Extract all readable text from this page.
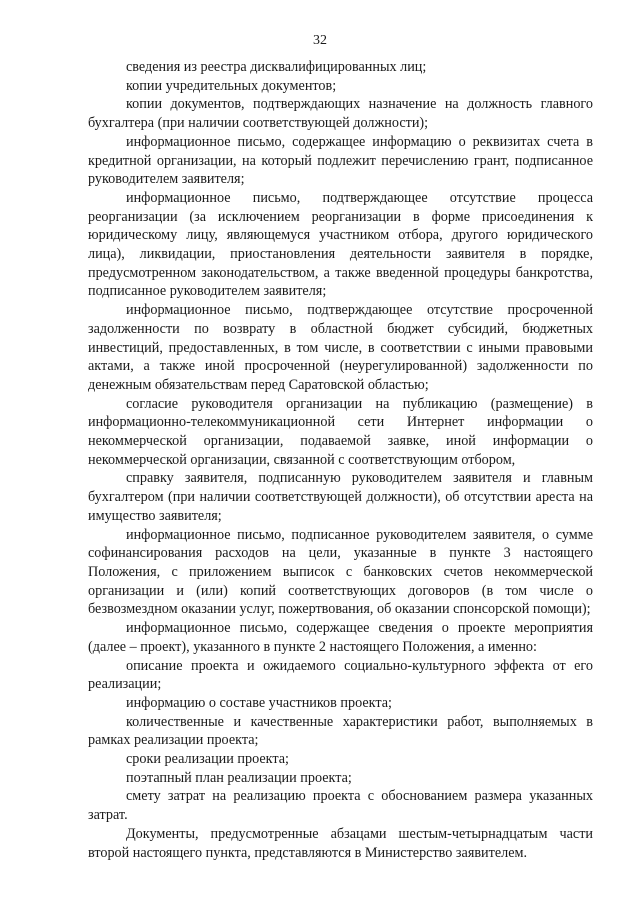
32

сведения из реестра дисквалифицированных лиц;

копии учредительных документов;

копии документов, подтверждающих назначение на должность главного бухгалтера (при наличии соответствующей должности);

информационное письмо, содержащее информацию о реквизитах счета в кредитной организации, на который подлежит перечислению грант, подписанное руководителем заявителя;

информационное письмо, подтверждающее отсутствие процесса реорганизации (за исключением реорганизации в форме присоединения к юридическому лицу, являющемуся участником отбора, другого юридического лица), ликвидации, приостановления деятельности заявителя в порядке, предусмотренном законодательством, а также введенной процедуры банкротства, подписанное руководителем заявителя;

информационное письмо, подтверждающее отсутствие просроченной задолженности по возврату в областной бюджет субсидий, бюджетных инвестиций, предоставленных, в том числе, в соответствии с иными правовыми актами, а также иной просроченной (неурегулированной) задолженности по денежным обязательствам перед Саратовской областью;

согласие руководителя организации на публикацию (размещение) в информационно-телекоммуникационной сети Интернет информации о некоммерческой организации, подаваемой заявке, иной информации о некоммерческой организации, связанной с соответствующим отбором,

справку заявителя, подписанную руководителем заявителя и главным бухгалтером (при наличии соответствующей должности), об отсутствии ареста на имущество заявителя;

информационное письмо, подписанное руководителем заявителя, о сумме софинансирования расходов на цели, указанные в пункте 3 настоящего Положения, с приложением выписок с банковских счетов некоммерческой организации и (или) копий соответствующих договоров (в том числе о безвозмездном оказании услуг, пожертвования, об оказании спонсорской помощи);

информационное письмо, содержащее сведения о проекте мероприятия (далее – проект), указанного в пункте 2 настоящего Положения, а именно:

описание проекта и ожидаемого социально-культурного эффекта от его реализации;

информацию о составе участников проекта;

количественные и качественные характеристики работ, выполняемых в рамках реализации проекта;

сроки реализации проекта;

поэтапный план реализации проекта;

смету затрат на реализацию проекта с обоснованием размера указанных затрат.

Документы, предусмотренные абзацами шестым-четырнадцатым части второй настоящего пункта, представляются в Министерство заявителем.
